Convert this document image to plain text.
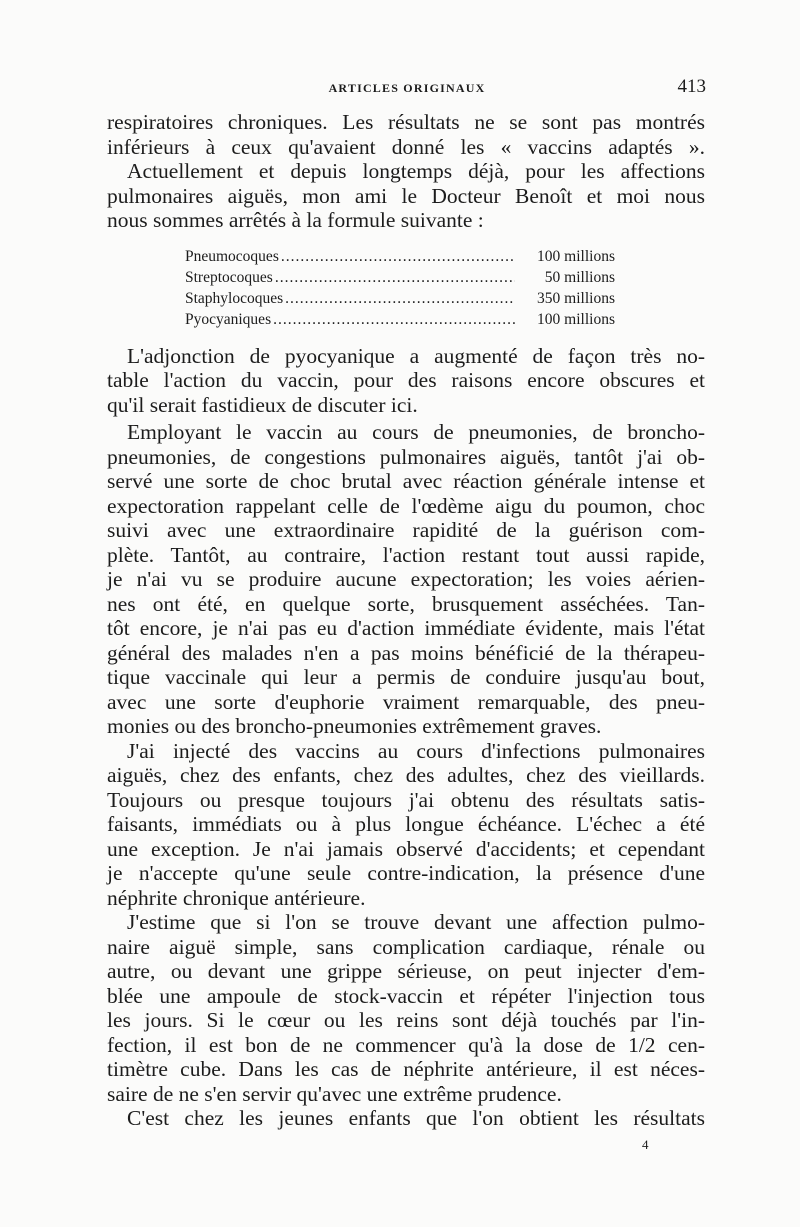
ARTICLES ORIGINAUX	413
respiratoires chroniques. Les résultats ne se sont pas montrés
inférieurs à ceux qu'avaient donné les « vaccins adaptés ».
Actuellement et depuis longtemps déjà, pour les affections
pulmonaires aiguës, mon ami le Docteur Benoît et moi nous
nous sommes arrêtés à la formule suivante :
Pneumocoques .....	100 millions
Streptocoques .....	50 millions
Staphylocoques .....	350 millions
Pyocyaniques .....	100 millions
L'adjonction de pyocyanique a augmenté de façon très no-
table l'action du vaccin, pour des raisons encore obscures et
qu'il serait fastidieux de discuter ici.
Employant le vaccin au cours de pneumonies, de broncho-
pneumonies, de congestions pulmonaires aiguës, tantôt j'ai ob-
servé une sorte de choc brutal avec réaction générale intense et
expectoration rappelant celle de l'œdème aigu du poumon, choc
suivi avec une extraordinaire rapidité de la guérison com-
plète. Tantôt, au contraire, l'action restant tout aussi rapide,
je n'ai vu se produire aucune expectoration; les voies aérien-
nes ont été, en quelque sorte, brusquement asséchées. Tan-
tôt encore, je n'ai pas eu d'action immédiate évidente, mais l'état
général des malades n'en a pas moins bénéficié de la thérapeu-
tique vaccinale qui leur a permis de conduire jusqu'au bout,
avec une sorte d'euphorie vraiment remarquable, des pneu-
monies ou des broncho-pneumonies extrêmement graves.
J'ai injecté des vaccins au cours d'infections pulmonaires
aiguës, chez des enfants, chez des adultes, chez des vieillards.
Toujours ou presque toujours j'ai obtenu des résultats satis-
faisants, immédiats ou à plus longue échéance. L'échec a été
une exception. Je n'ai jamais observé d'accidents; et cependant
je n'accepte qu'une seule contre-indication, la présence d'une
néphrite chronique antérieure.
J'estime que si l'on se trouve devant une affection pulmo-
naire aiguë simple, sans complication cardiaque, rénale ou
autre, ou devant une grippe sérieuse, on peut injecter d'em-
blée une ampoule de stock-vaccin et répéter l'injection tous
les jours. Si le cœur ou les reins sont déjà touchés par l'in-
fection, il est bon de ne commencer qu'à la dose de 1/2 cen-
timètre cube. Dans les cas de néphrite antérieure, il est néces-
saire de ne s'en servir qu'avec une extrême prudence.
C'est chez les jeunes enfants que l'on obtient les résultats
4
